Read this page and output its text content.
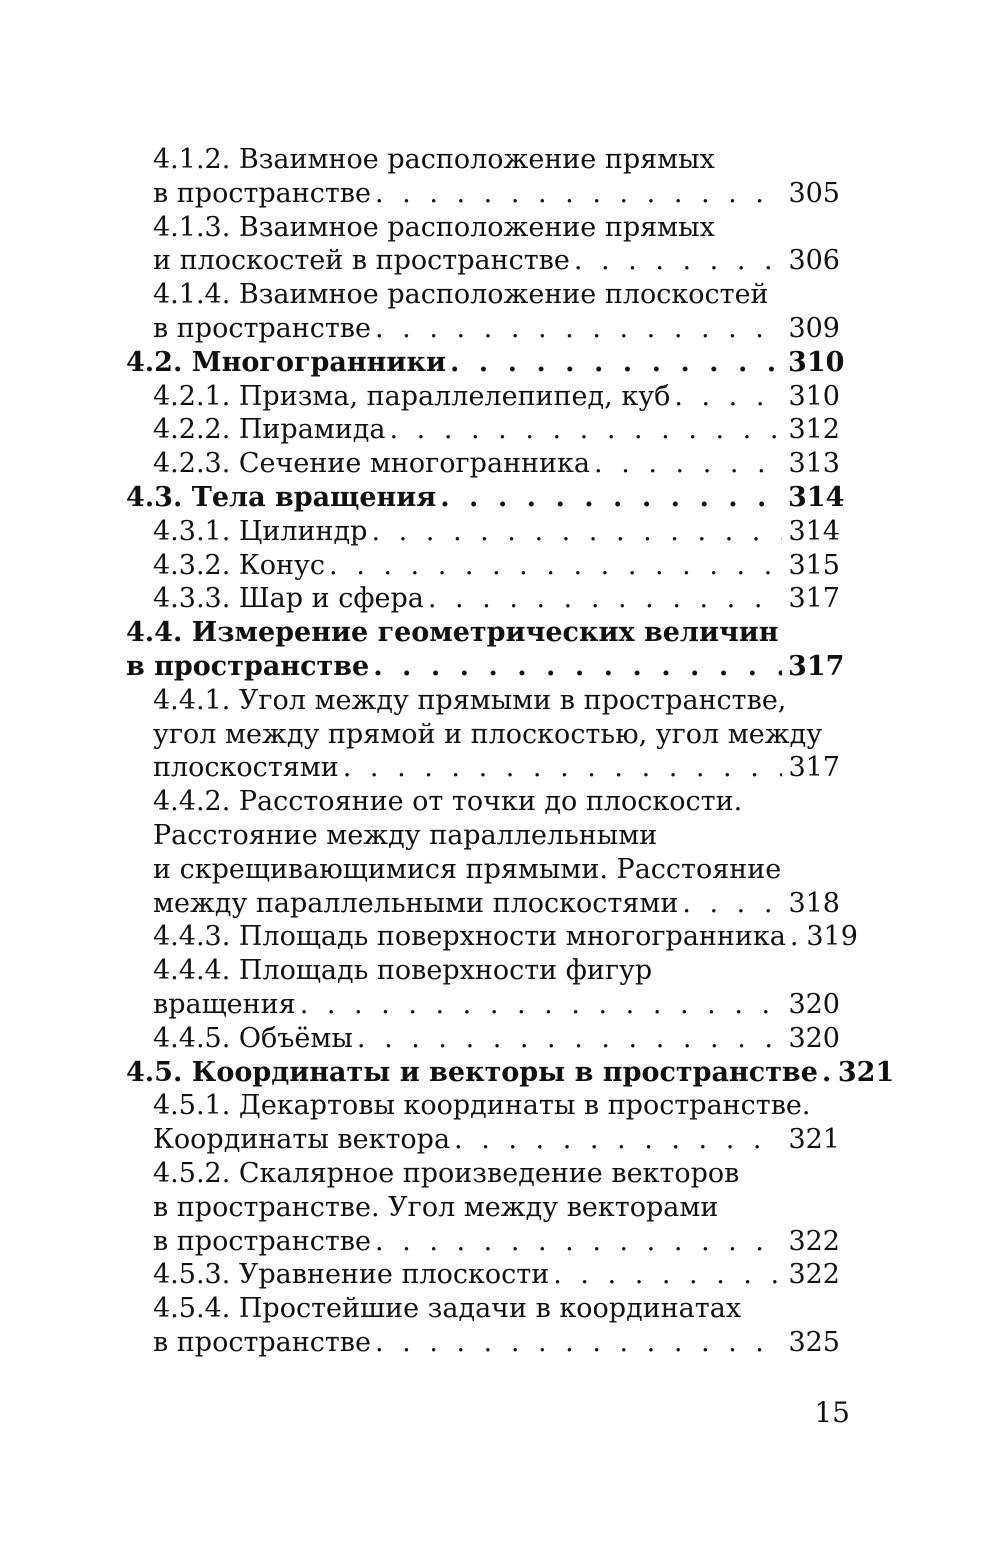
4.1.2. Взаимное расположение прямых
в пространстве . . .	305
4.1.3. Взаимное расположение прямых
и плоскостей в пространстве . . .	306
4.1.4. Взаимное расположение плоскостей
в пространстве . . .	309
4.2. Многогранники . . .	310
4.2.1. Призма, параллелепипед, куб . . .	310
4.2.2. Пирамида . . .	312
4.2.3. Сечение многогранника . . .	313
4.3. Тела вращения . . .	314
4.3.1. Цилиндр . . .	314
4.3.2. Конус . . .	315
4.3.3. Шар и сфера . . .	317
4.4. Измерение геометрических величин
в пространстве . . .	317
4.4.1. Угол между прямыми в пространстве,
угол между прямой и плоскостью, угол между
плоскостями . . .	317
4.4.2. Расстояние от точки до плоскости.
Расстояние между параллельными
и скрещивающимися прямыми. Расстояние
между параллельными плоскостями . . .	318
4.4.3. Площадь поверхности многогранника . . . 319
4.4.4. Площадь поверхности фигур
вращения . . .	320
4.4.5. Объёмы . . .	320
4.5. Координаты и векторы в пространстве . . . 321
4.5.1. Декартовы координаты в пространстве.
Координаты вектора . . .	321
4.5.2. Скалярное произведение векторов
в пространстве. Угол между векторами
в пространстве . . .	322
4.5.3. Уравнение плоскости . . .	322
4.5.4. Простейшие задачи в координатах
в пространстве . . .	325
15
